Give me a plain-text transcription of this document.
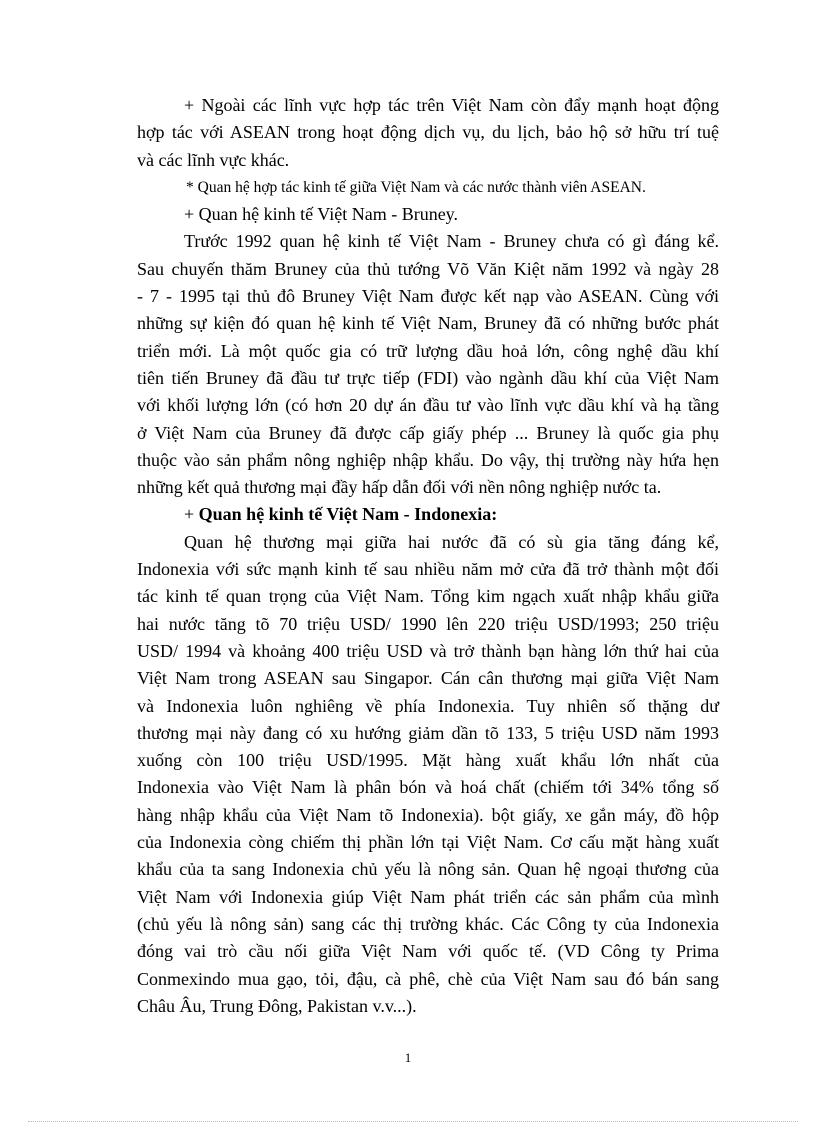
+ Ngoài các lĩnh vực hợp tác trên Việt Nam còn đẩy mạnh hoạt động
hợp tác với ASEAN trong hoạt động dịch vụ, du lịch, bảo hộ sở hữu trí tuệ
và các lĩnh vực khác.
* Quan hệ hợp tác kinh tế giữa Việt Nam và các nước thành viên ASEAN.
+ Quan hệ kinh tế Việt Nam - Bruney.
Trước 1992 quan hệ kinh tế Việt Nam - Bruney chưa có gì đáng kể.
Sau chuyến thăm Bruney của thủ tướng Võ Văn Kiệt năm 1992 và ngày 28
- 7 - 1995 tại thủ đô Bruney Việt Nam được kết nạp vào ASEAN. Cùng với
những sự kiện đó quan hệ kinh tế Việt Nam, Bruney đã có những bước phát
triển mới. Là một quốc gia có trữ lượng dầu hoả lớn, công nghệ dầu khí
tiên tiến Bruney đã đầu tư trực tiếp (FDI) vào ngành dầu khí của Việt Nam
với khối lượng lớn (có hơn 20 dự án đầu tư vào lĩnh vực dầu khí và hạ tầng
ở Việt Nam của Bruney đã được cấp giấy phép ... Bruney là quốc gia phụ
thuộc vào sản phẩm nông nghiệp nhập khẩu. Do vậy, thị trường này hứa hẹn
những kết quả thương mại đầy hấp dẫn đối với nền nông nghiệp nước ta.
+ Quan hệ kinh tế Việt Nam - Indonexia:
Quan hệ thương mại giữa hai nước đã có sù gia tăng đáng kể,
Indonexia với sức mạnh kinh tế sau nhiều năm mở cửa đã trở thành một đối
tác kinh tế quan trọng của Việt Nam. Tổng kim ngạch xuất nhập khẩu giữa
hai nước tăng tõ 70 triệu USD/ 1990 lên 220 triệu USD/1993; 250 triệu
USD/ 1994 và khoảng 400 triệu USD và trở thành bạn hàng lớn thứ hai của
Việt Nam trong ASEAN sau Singapor. Cán cân thương mại giữa Việt Nam
và Indonexia luôn nghiêng về phía Indonexia. Tuy nhiên số thặng dư
thương mại này đang có xu hướng giảm dần tõ 133, 5 triệu USD năm 1993
xuống còn 100 triệu USD/1995. Mặt hàng xuất khẩu lớn nhất của
Indonexia vào Việt Nam là phân bón và hoá chất (chiếm tới 34% tổng số
hàng nhập khẩu của Việt Nam tõ Indonexia). bột giấy, xe gắn máy, đồ hộp
của Indonexia còng chiếm thị phần lớn tại Việt Nam. Cơ cấu mặt hàng xuất
khẩu của ta sang Indonexia chủ yếu là nông sản. Quan hệ ngoại thương của
Việt Nam với Indonexia giúp Việt Nam phát triển các sản phẩm của mình
(chủ yếu là nông sản) sang các thị trường khác. Các Công ty của Indonexia
đóng vai trò cầu nối giữa Việt Nam với quốc tế. (VD Công ty Prima
Conmexindo mua gạo, tỏi, đậu, cà phê, chè của Việt Nam sau đó bán sang
Châu Âu, Trung Đông, Pakistan v.v...).
1
